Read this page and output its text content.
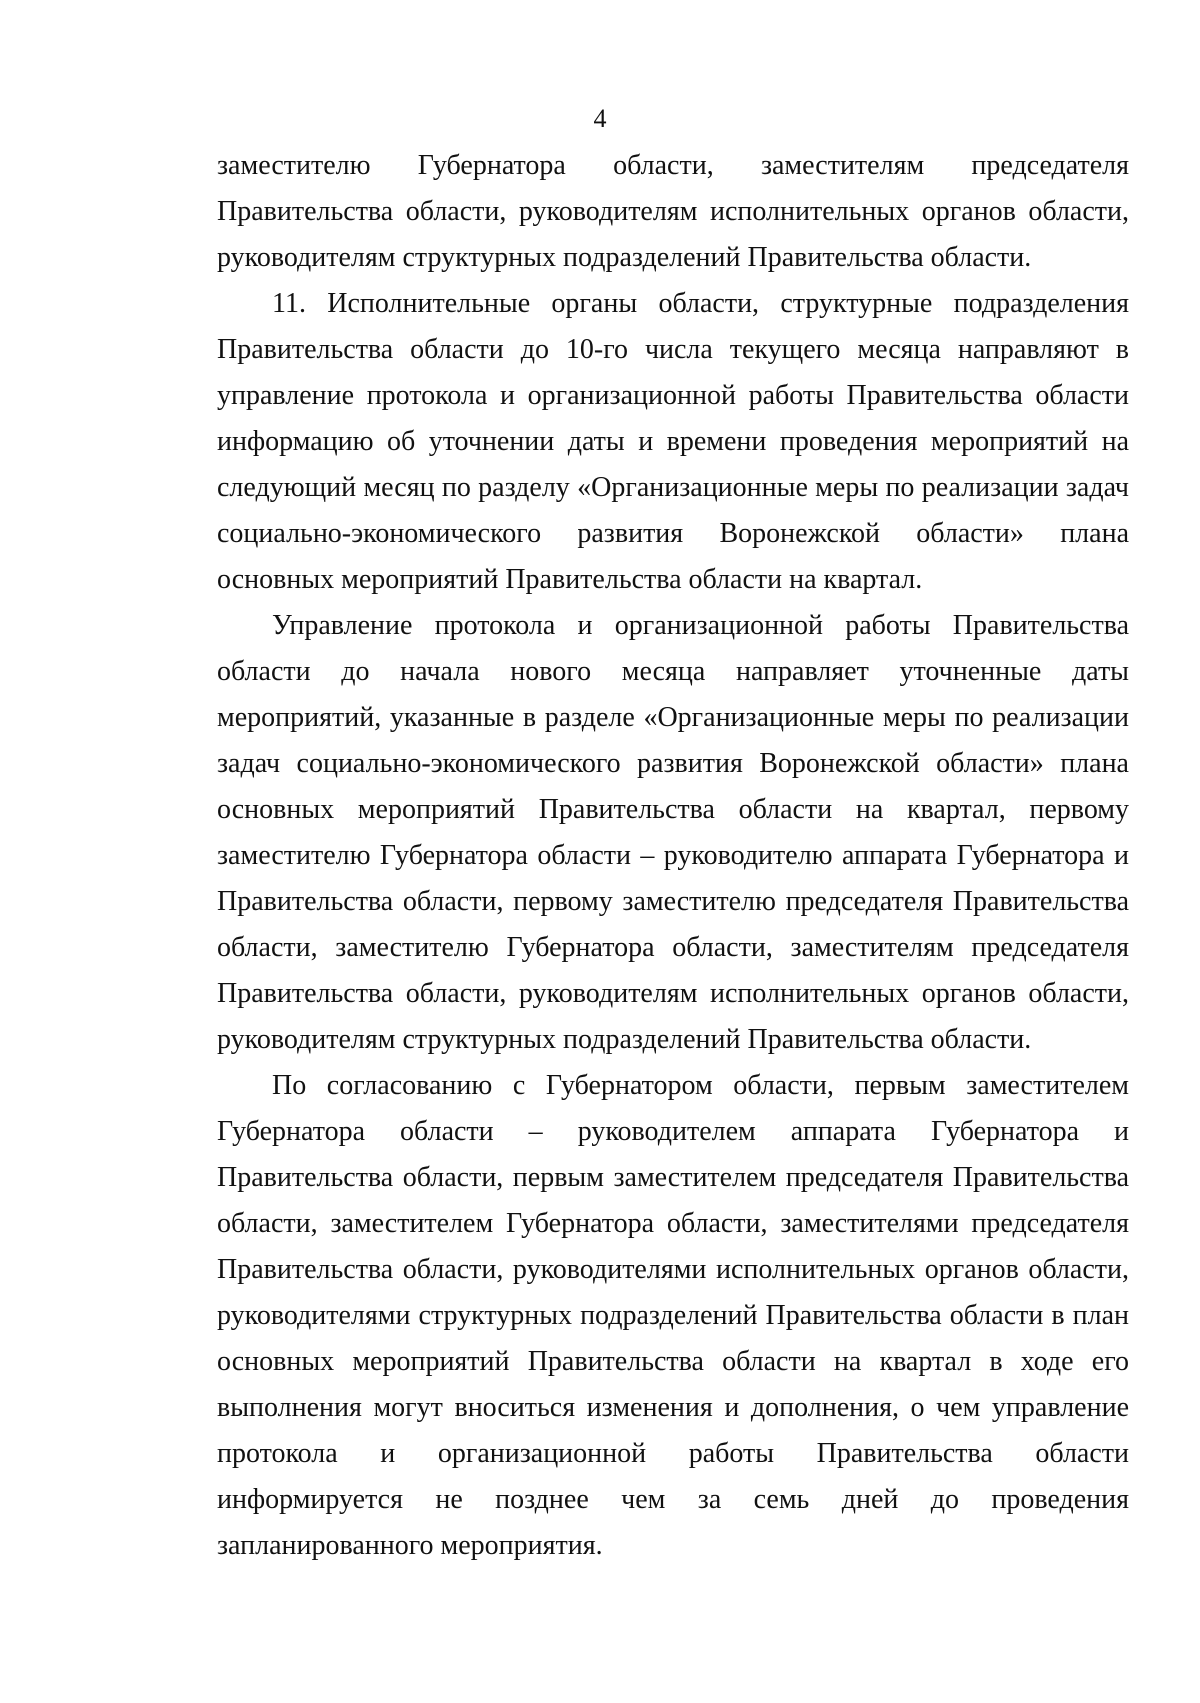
4

заместителю Губернатора области, заместителям председателя Правительства области, руководителям исполнительных органов области, руководителям структурных подразделений Правительства области.

11. Исполнительные органы области, структурные подразделения Правительства области до 10-го числа текущего месяца направляют в управление протокола и организационной работы Правительства области информацию об уточнении даты и времени проведения мероприятий на следующий месяц по разделу «Организационные меры по реализации задач социально-экономического развития Воронежской области» плана основных мероприятий Правительства области на квартал.

Управление протокола и организационной работы Правительства области до начала нового месяца направляет уточненные даты мероприятий, указанные в разделе «Организационные меры по реализации задач социально-экономического развития Воронежской области» плана основных мероприятий Правительства области на квартал, первому заместителю Губернатора области – руководителю аппарата Губернатора и Правительства области, первому заместителю председателя Правительства области, заместителю Губернатора области, заместителям председателя Правительства области, руководителям исполнительных органов области, руководителям структурных подразделений Правительства области.

По согласованию с Губернатором области, первым заместителем Губернатора области – руководителем аппарата Губернатора и Правительства области, первым заместителем председателя Правительства области, заместителем Губернатора области, заместителями председателя Правительства области, руководителями исполнительных органов области, руководителями структурных подразделений Правительства области в план основных мероприятий Правительства области на квартал в ходе его выполнения могут вноситься изменения и дополнения, о чем управление протокола и организационной работы Правительства области информируется не позднее чем за семь дней до проведения запланированного мероприятия.
